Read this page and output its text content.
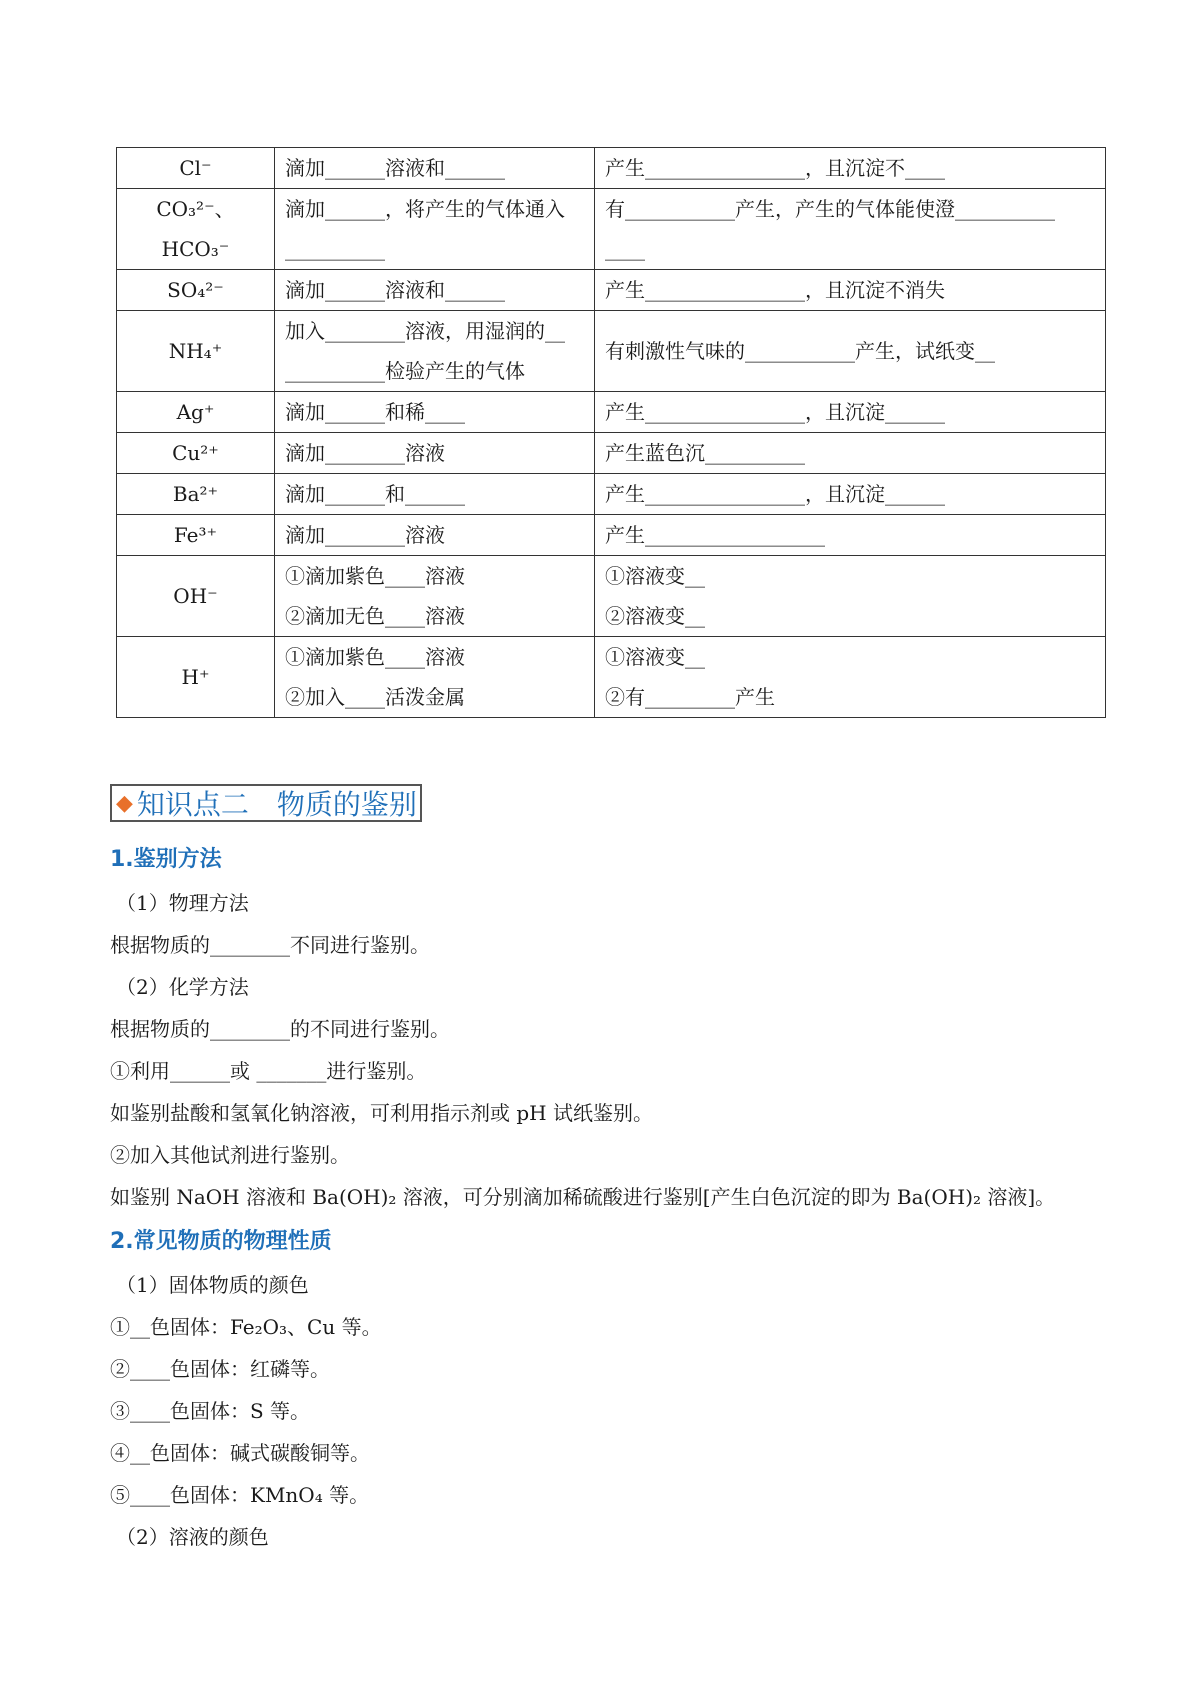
Cl⁻	滴加______溶液和______	产生________________，且沉淀不____

CO₃²⁻、 HCO₃⁻	滴加______，将产生的气体通入
__________	有___________产生，产生的气体能使澄__________
____

SO₄²⁻	滴加______溶液和______	产生________________，且沉淀不消失

NH₄⁺	加入________溶液，用湿润的__
__________检验产生的气体	有刺激性气味的___________产生，试纸变__

Ag⁺	滴加______和稀____	产生________________，且沉淀______

Cu²⁺	滴加________溶液	产生蓝色沉__________

Ba²⁺	滴加______和______	产生________________，且沉淀______

Fe³⁺	滴加________溶液	产生__________________

OH⁻	①滴加紫色____溶液
②滴加无色____溶液	①溶液变__
②溶液变__

H⁺	①滴加紫色____溶液
②加入____活泼金属	①溶液变__
②有_________产生
◆ 知识点二　物质的鉴别
1.鉴别方法
（1）物理方法
根据物质的________不同进行鉴别。
（2）化学方法
根据物质的________的不同进行鉴别。
①利用______或 _______进行鉴别。
如鉴别盐酸和氢氧化钠溶液，可利用指示剂或 pH 试纸鉴别。
②加入其他试剂进行鉴别。
如鉴别 NaOH 溶液和 Ba(OH)₂ 溶液，可分别滴加稀硫酸进行鉴别[产生白色沉淀的即为 Ba(OH)₂ 溶液]。
2.常见物质的物理性质
（1）固体物质的颜色
①__色固体：Fe₂O₃、Cu 等。
②____色固体：红磷等。
③____色固体：S 等。
④__色固体：碱式碳酸铜等。
⑤____色固体：KMnO₄ 等。
（2）溶液的颜色
